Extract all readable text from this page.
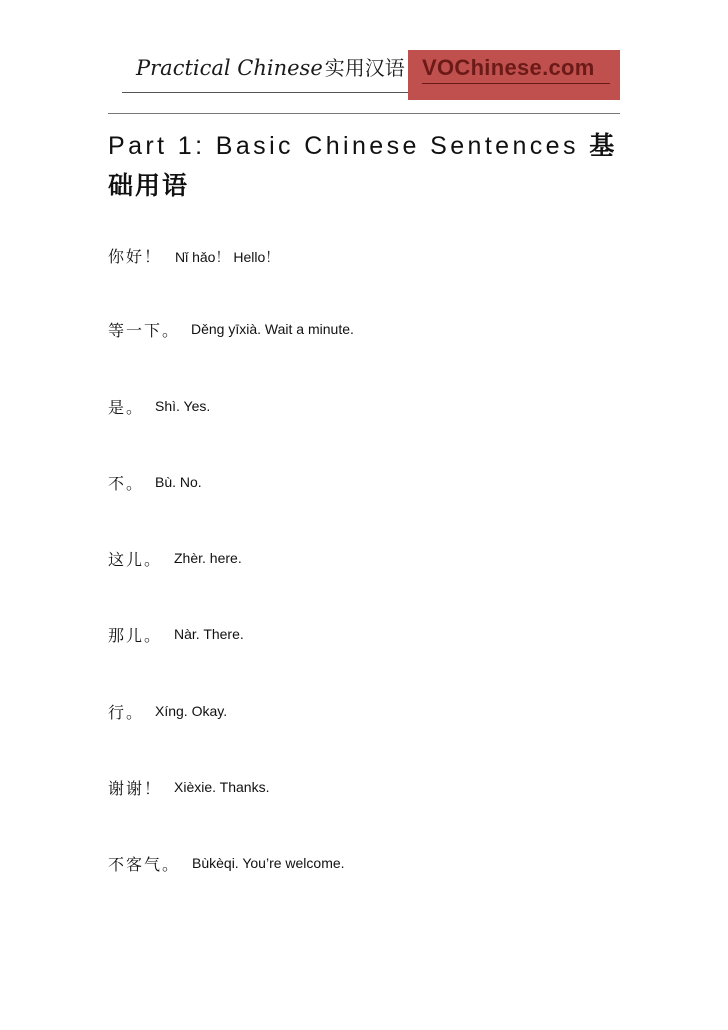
Practical Chinese 实用汉语 VOChinese.com
Part 1: Basic Chinese Sentences 基础用语
你好！ Nǐ hǎo！ Hello！
等一下。 Děng yīxià. Wait a minute.
是。 Shì. Yes.
不。 Bù. No.
这儿。 Zhèr. here.
那儿。 Nàr. There.
行。 Xíng. Okay.
谢谢！ Xièxie. Thanks.
不客气。 Bùkèqi. You’re welcome.
